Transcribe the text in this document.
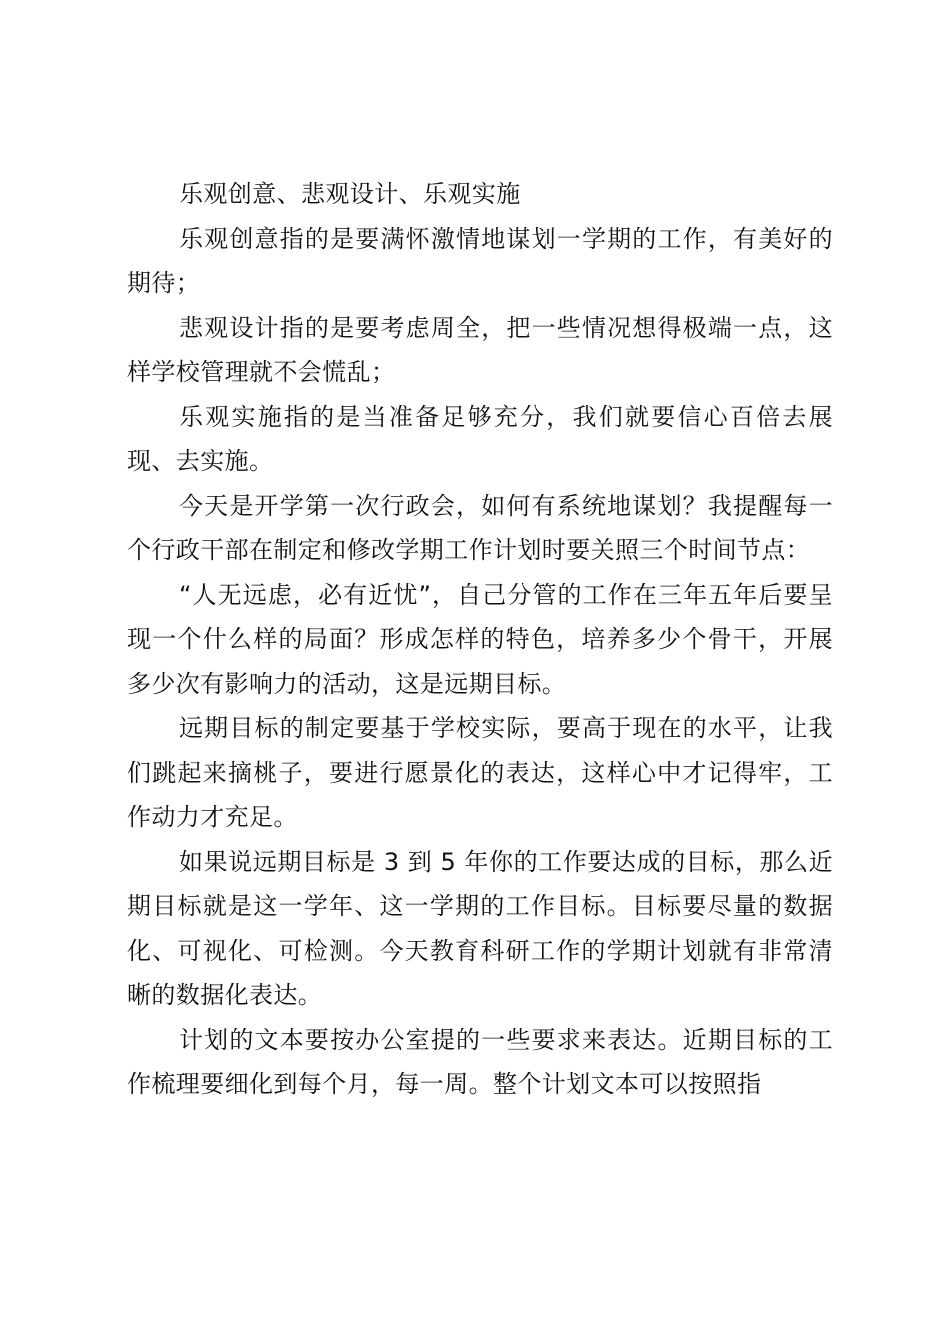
乐观创意、悲观设计、乐观实施

乐观创意指的是要满怀激情地谋划一学期的工作，有美好的期待；

悲观设计指的是要考虑周全，把一些情况想得极端一点，这样学校管理就不会慌乱；

乐观实施指的是当准备足够充分，我们就要信心百倍去展现、去实施。

今天是开学第一次行政会，如何有系统地谋划？我提醒每一个行政干部在制定和修改学期工作计划时要关照三个时间节点：

“人无远虑，必有近忧”，自己分管的工作在三年五年后要呈现一个什么样的局面？形成怎样的特色，培养多少个骨干，开展多少次有影响力的活动，这是远期目标。

远期目标的制定要基于学校实际，要高于现在的水平，让我们跳起来摘桃子，要进行愿景化的表达，这样心中才记得牢，工作动力才充足。

如果说远期目标是 3 到 5 年你的工作要达成的目标，那么近期目标就是这一学年、这一学期的工作目标。目标要尽量的数据化、可视化、可检测。今天教育科研工作的学期计划就有非常清晰的数据化表达。

计划的文本要按办公室提的一些要求来表达。近期目标的工作梳理要细化到每个月，每一周。整个计划文本可以按照指
